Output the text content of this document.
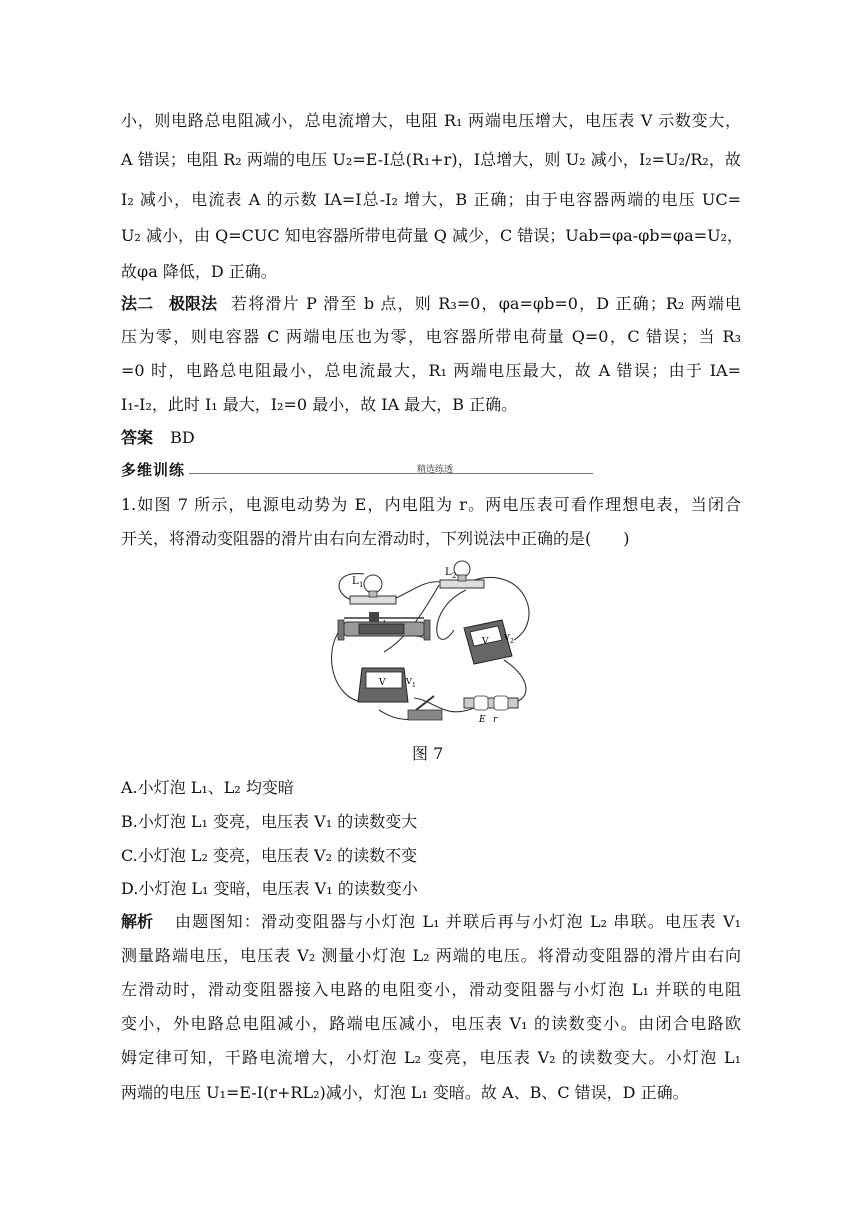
小，则电路总电阻减小，总电流增大，电阻 R₁ 两端电压增大，电压表 V 示数变大，
A 错误；电阻 R₂ 两端的电压 U₂=E-I总(R₁+r)，I总增大，则 U₂ 减小，I₂=U₂/R₂，故
I₂ 减小，电流表 A 的示数 IA=I总-I₂ 增大，B 正确；由于电容器两端的电压 UC=
U₂ 减小，由 Q=CUC 知电容器所带电荷量 Q 减少，C 错误；Uab=φa-φb=φa=U₂，
故φa 降低，D 正确。
法二　极限法 若将滑片 P 滑至 b 点，则 R₃=0，φa=φb=0，D 正确；R₂ 两端电
压为零，则电容器 C 两端电压也为零，电容器所带电荷量 Q=0，C 错误；当 R₃
=0 时，电路总电阻最小，总电流最大，R₁ 两端电压最大，故 A 错误；由于 IA=
I₁-I₂，此时 I₁ 最大，I₂=0 最小，故 IA 最大，B 正确。
答案 BD
多维训练	精选练透
1.如图 7 所示，电源电动势为 E，内电阻为 r。两电压表可看作理想电表，当闭合
开关，将滑动变阻器的滑片由右向左滑动时，下列说法中正确的是(　　)
L 1
L 2
V V 2
V	V 1
E r
图 7
A.小灯泡 L₁、L₂ 均变暗
B.小灯泡 L₁ 变亮，电压表 V₁ 的读数变大
C.小灯泡 L₂ 变亮，电压表 V₂ 的读数不变
D.小灯泡 L₁ 变暗，电压表 V₁ 的读数变小
解析	由题图知：滑动变阻器与小灯泡 L₁ 并联后再与小灯泡 L₂ 串联。电压表 V₁
测量路端电压，电压表 V₂ 测量小灯泡 L₂ 两端的电压。将滑动变阻器的滑片由右向
左滑动时，滑动变阻器接入电路的电阻变小，滑动变阻器与小灯泡 L₁ 并联的电阻
变小，外电路总电阻减小，路端电压减小，电压表 V₁ 的读数变小。由闭合电路欧
姆定律可知，干路电流增大，小灯泡 L₂ 变亮，电压表 V₂ 的读数变大。小灯泡 L₁
两端的电压 U₁=E-I(r+RL₂)减小，灯泡 L₁ 变暗。故 A、B、C 错误，D 正确。
